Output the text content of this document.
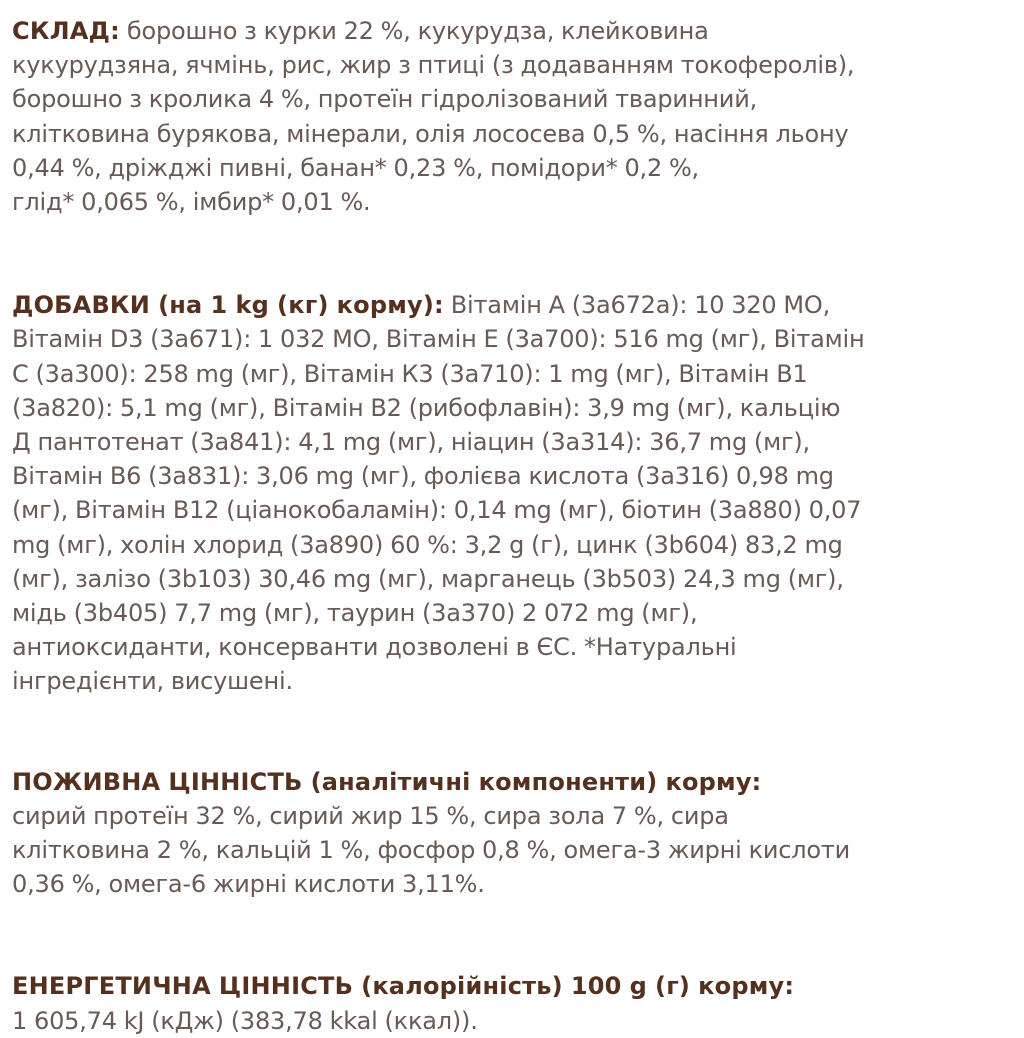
СКЛАД: борошно з курки 22 %, кукурудза, клейковина
кукурудзяна, ячмінь, рис, жир з птиці (з додаванням токоферолів),
борошно з кролика 4 %, протеїн гідролізований тваринний,
клітковина бурякова, мінерали, олія лососева 0,5 %, насіння льону
0,44 %, дріжджі пивні, банан* 0,23 %, помідори* 0,2 %,
глід* 0,065 %, імбир* 0,01 %.

ДОБАВКИ (на 1 kg (кг) корму): Вітамін А (3а672а): 10 320 МО,
Вітамін D3 (3а671): 1 032 МО, Вітамін Е (3а700): 516 mg (мг), Вітамін
С (3а300): 258 mg (мг), Вітамін К3 (3а710): 1 mg (мг), Вітамін В1
(3а820): 5,1 mg (мг), Вітамін В2 (рибофлавін): 3,9 mg (мг), кальцію
Д пантотенат (3а841): 4,1 mg (мг), ніацин (3а314): 36,7 mg (мг),
Вітамін В6 (3а831): 3,06 mg (мг), фолієва кислота (3а316) 0,98 mg
(мг), Вітамін В12 (ціанокобаламін): 0,14 mg (мг), біотин (3а880) 0,07
mg (мг), холін хлорид (3а890) 60 %: 3,2 g (г), цинк (3b604) 83,2 mg
(мг), залізо (3b103) 30,46 mg (мг), марганець (3b503) 24,3 mg (мг),
мідь (3b405) 7,7 mg (мг), таурин (3а370) 2 072 mg (мг),
антиоксиданти, консерванти дозволені в ЄС. *Натуральні
інгредієнти, висушені.

ПОЖИВНА ЦІННІСТЬ (аналітичні компоненти) корму:
сирий протеїн 32 %, сирий жир 15 %, сира зола 7 %, сира
клітковина 2 %, кальцій 1 %, фосфор 0,8 %, омега-3 жирні кислоти
0,36 %, омега-6 жирні кислоти 3,11%.

ЕНЕРГЕТИЧНА ЦІННІСТЬ (калорійність) 100 g (г) корму:
1 605,74 kJ (кДж) (383,78 kkal (ккал)).
